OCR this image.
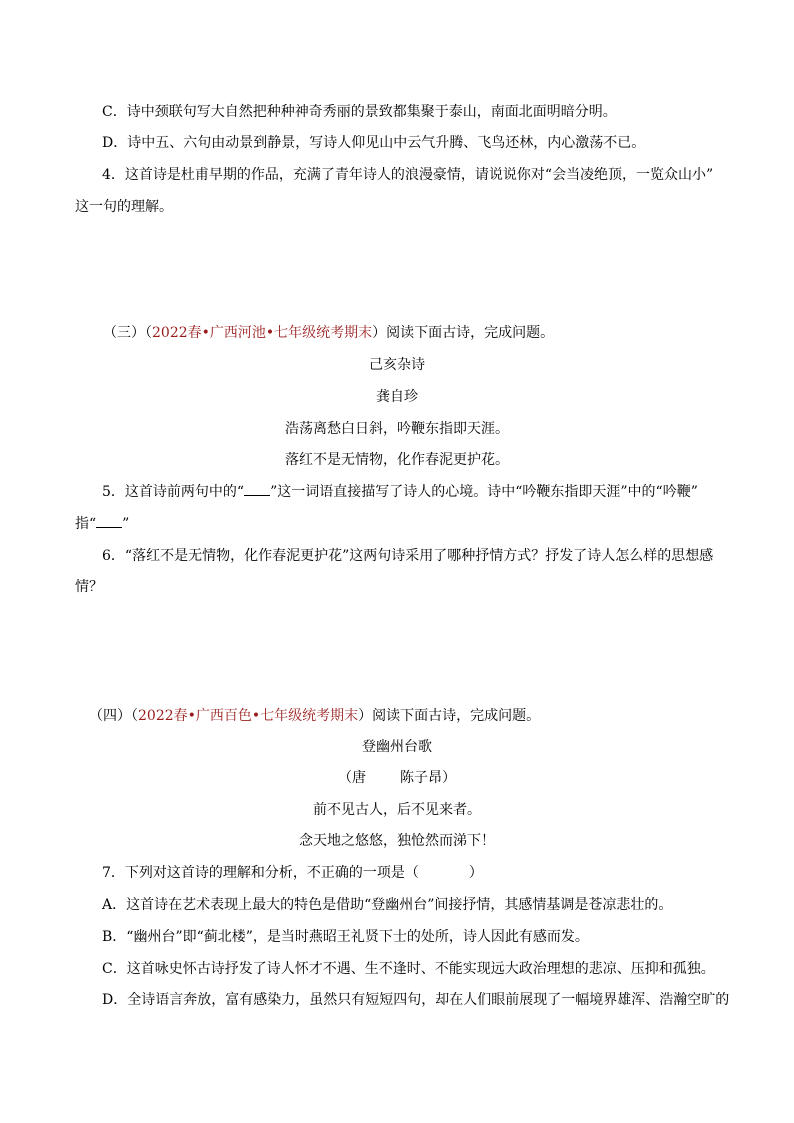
C．诗中颈联句写大自然把种种神奇秀丽的景致都集聚于泰山，南面北面明暗分明。
D．诗中五、六句由动景到静景，写诗人仰见山中云气升腾、飞鸟还林，内心激荡不已。
4．这首诗是杜甫早期的作品，充满了青年诗人的浪漫豪情，请说说你对“会当凌绝顶，一览众山小”
这一句的理解。
（三）（2022春•广西河池•七年级统考期末）阅读下面古诗，完成问题。
己亥杂诗
龚自珍
浩荡离愁白日斜，吟鞭东指即天涯。
落红不是无情物，化作春泥更护花。
5．这首诗前两句中的“ ”这一词语直接描写了诗人的心境。诗中“吟鞭东指即天涯”中的“吟鞭”
指“ ”
6．“落红不是无情物，化作春泥更护花”这两句诗采用了哪种抒情方式？抒发了诗人怎么样的思想感
情？
（四）（2022春•广西百色•七年级统考期末）阅读下面古诗，完成问题。
登幽州台歌
（唐 陈子昂）
前不见古人，后不见来者。
念天地之悠悠，独怆然而涕下！
7．下列对这首诗的理解和分析，不正确的一项是（	）
A．这首诗在艺术表现上最大的特色是借助“登幽州台”间接抒情，其感情基调是苍凉悲壮的。
B．“幽州台”即“蓟北楼”，是当时燕昭王礼贤下士的处所，诗人因此有感而发。
C．这首咏史怀古诗抒发了诗人怀才不遇、生不逢时、不能实现远大政治理想的悲凉、压抑和孤独。
D．全诗语言奔放，富有感染力，虽然只有短短四句，却在人们眼前展现了一幅境界雄浑、浩瀚空旷的
